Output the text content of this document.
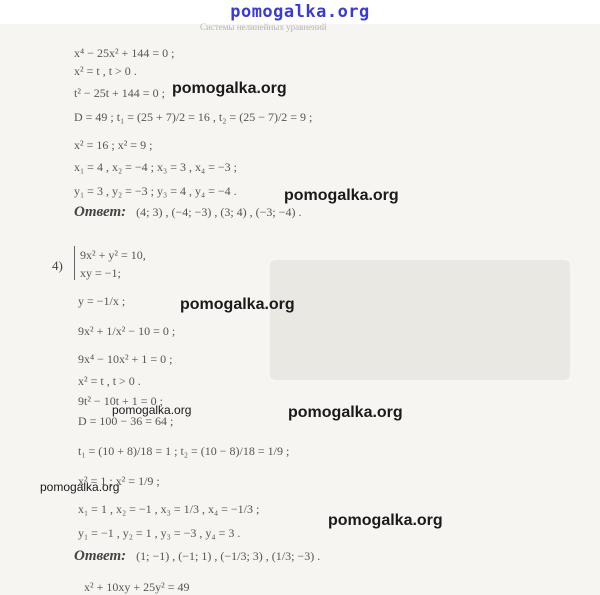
pomogalka.org
Системы нелинейных уравнений
x⁴ − 25x² + 144 = 0 ;
x² = t , t > 0 .
t² − 25t + 144 = 0 ;
D = 49 ; t₁ = (25 + 7)/2 = 16 , t₂ = (25 − 7)/2 = 9 ;
x² = 16 ; x² = 9 ;
x₁ = 4 , x₂ = −4 ; x₃ = 3 , x₄ = −3 ;
y₁ = 3 , y₂ = −3 ; y₃ = 4 , y₄ = −4 .
Ответ: (4; 3) , (−4; −3) , (3; 4) , (−3; −4) .
4)
9x² + y² = 10,
xy = −1;
y = −1/x ;
9x² + 1/x² − 10 = 0 ;
9x⁴ − 10x² + 1 = 0 ;
x² = t , t > 0 .
9t² − 10t + 1 = 0 ;
D = 100 − 36 = 64 ;
t₁ = (10 + 8)/18 = 1 ; t₂ = (10 − 8)/18 = 1/9 ;
x² = 1 ; x² = 1/9 ;
x₁ = 1 , x₂ = −1 , x₃ = 1/3 , x₄ = −1/3 ;
y₁ = −1 , y₂ = 1 , y₃ = −3 , y₄ = 3 .
Ответ: (1; −1) , (−1; 1) , (−1/3; 3) , (1/3; −3) .
x² + 10xy + 25y² = 49
pomogalka.org
pomogalka.org
pomogalka.org
pomogalka.org	pomogalka.org
pomogalka.org
pomogalka.org
